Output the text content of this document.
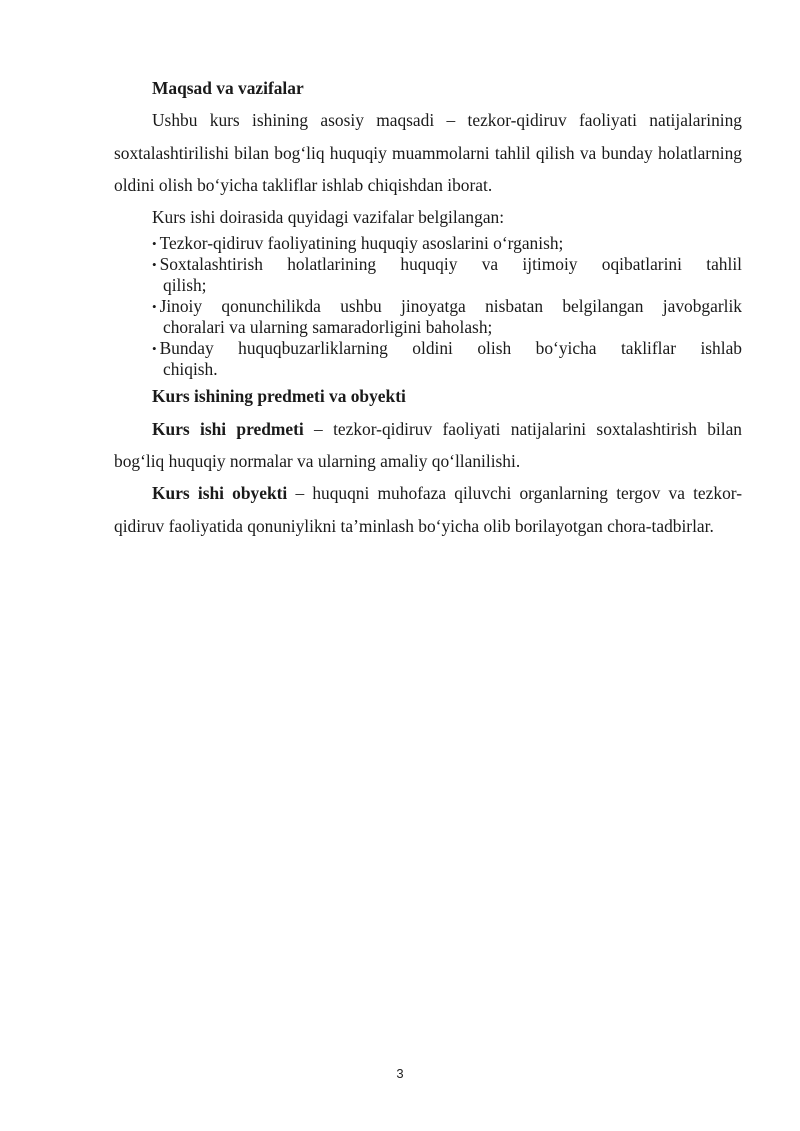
Maqsad va vazifalar

Ushbu kurs ishining asosiy maqsadi – tezkor-qidiruv faoliyati natijalarining soxtalashtirilishi bilan bog‘liq huquqiy muammolarni tahlil qilish va bunday holatlarning oldini olish bo‘yicha takliflar ishlab chiqishdan iborat.

Kurs ishi doirasida quyidagi vazifalar belgilangan:

• Tezkor-qidiruv faoliyatining huquqiy asoslarini o‘rganish;
• Soxtalashtirish holatlarining huquqiy va ijtimoiy oqibatlarini tahlil
qilish;
• Jinoiy qonunchilikda ushbu jinoyatga nisbatan belgilangan javobgarlik
choralari va ularning samaradorligini baholash;
• Bunday huquqbuzarliklarning oldini olish bo‘yicha takliflar ishlab
chiqish.

Kurs ishining predmeti va obyekti

Kurs ishi predmeti – tezkor-qidiruv faoliyati natijalarini soxtalashtirish bilan bog‘liq huquqiy normalar va ularning amaliy qo‘llanilishi.

Kurs ishi obyekti – huquqni muhofaza qiluvchi organlarning tergov va tezkor-qidiruv faoliyatida qonuniylikni ta’minlash bo‘yicha olib borilayotgan chora-tadbirlar.

3
